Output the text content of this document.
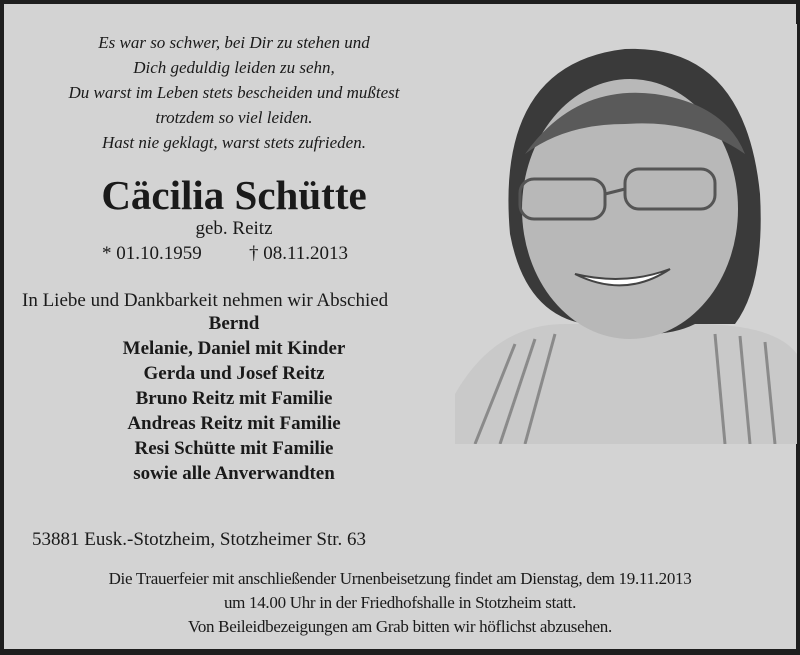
Es war so schwer, bei Dir zu stehen und
Dich geduldig leiden zu sehn,
Du warst im Leben stets bescheiden und mußtest
trotzdem so viel leiden.
Hast nie geklagt, warst stets zufrieden.
Cäcilia Schütte
geb. Reitz
* 01.10.1959 † 08.11.2013
In Liebe und Dankbarkeit nehmen wir Abschied
Bernd
Melanie, Daniel mit Kinder
Gerda und Josef Reitz
Bruno Reitz mit Familie
Andreas Reitz mit Familie
Resi Schütte mit Familie
sowie alle Anverwandten
53881 Eusk.-Stotzheim, Stotzheimer Str. 63
Die Trauerfeier mit anschließender Urnenbeisetzung findet am Dienstag, dem 19.11.2013
um 14.00 Uhr in der Friedhofshalle in Stotzheim statt.
Von Beileidbezeigungen am Grab bitten wir höflichst abzusehen.
